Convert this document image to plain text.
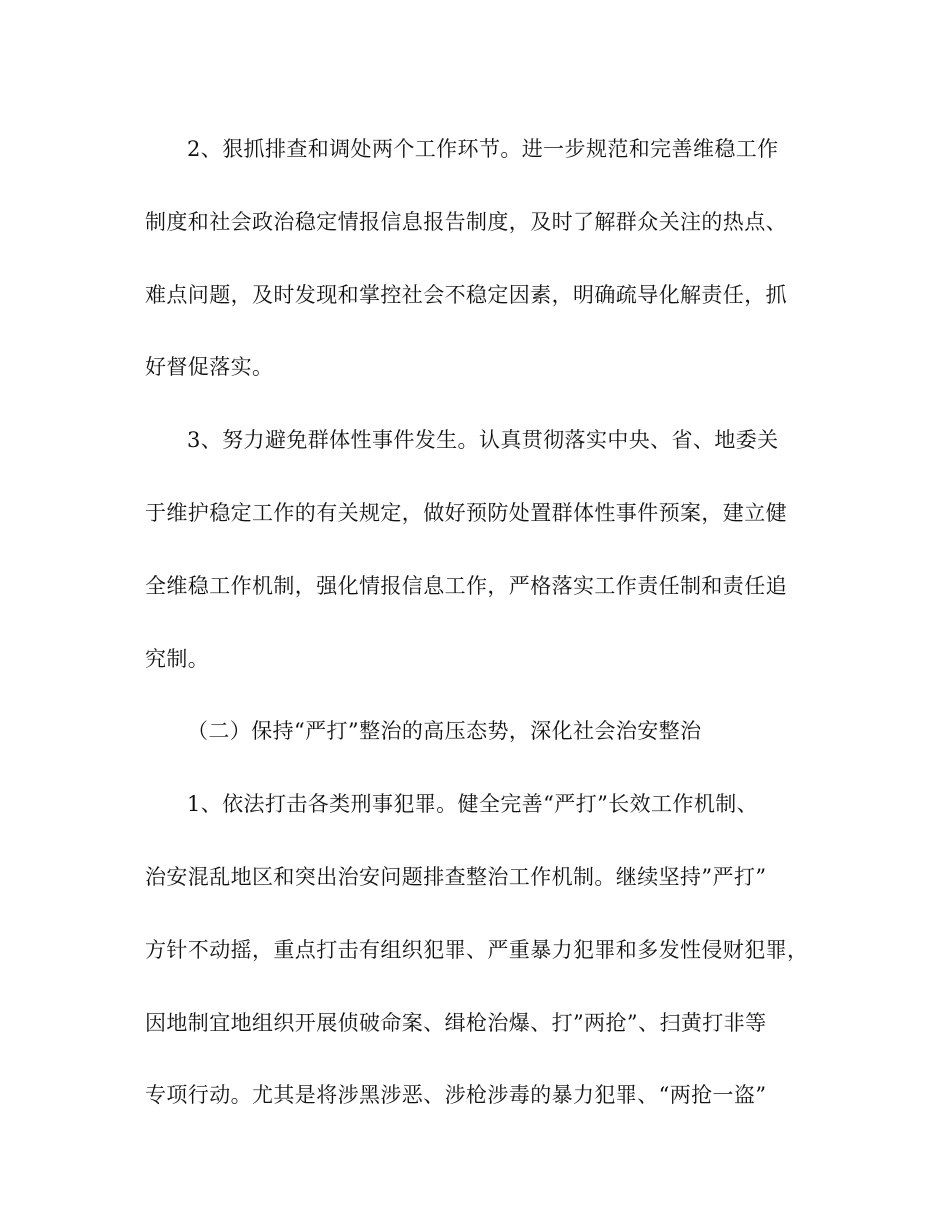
2、狠抓排查和调处两个工作环节。进一步规范和完善维稳工作

制度和社会政治稳定情报信息报告制度，及时了解群众关注的热点、

难点问题，及时发现和掌控社会不稳定因素，明确疏导化解责任，抓

好督促落实。

3、努力避免群体性事件发生。认真贯彻落实中央、省、地委关

于维护稳定工作的有关规定，做好预防处置群体性事件预案，建立健

全维稳工作机制，强化情报信息工作，严格落实工作责任制和责任追

究制。

（二）保持“严打”整治的高压态势，深化社会治安整治

1、依法打击各类刑事犯罪。健全完善“严打”长效工作机制、

治安混乱地区和突出治安问题排查整治工作机制。继续坚持”严打”

方针不动摇，重点打击有组织犯罪、严重暴力犯罪和多发性侵财犯罪，

因地制宜地组织开展侦破命案、缉枪治爆、打”两抢”、扫黄打非等

专项行动。尤其是将涉黑涉恶、涉枪涉毒的暴力犯罪、“两抢一盗”
